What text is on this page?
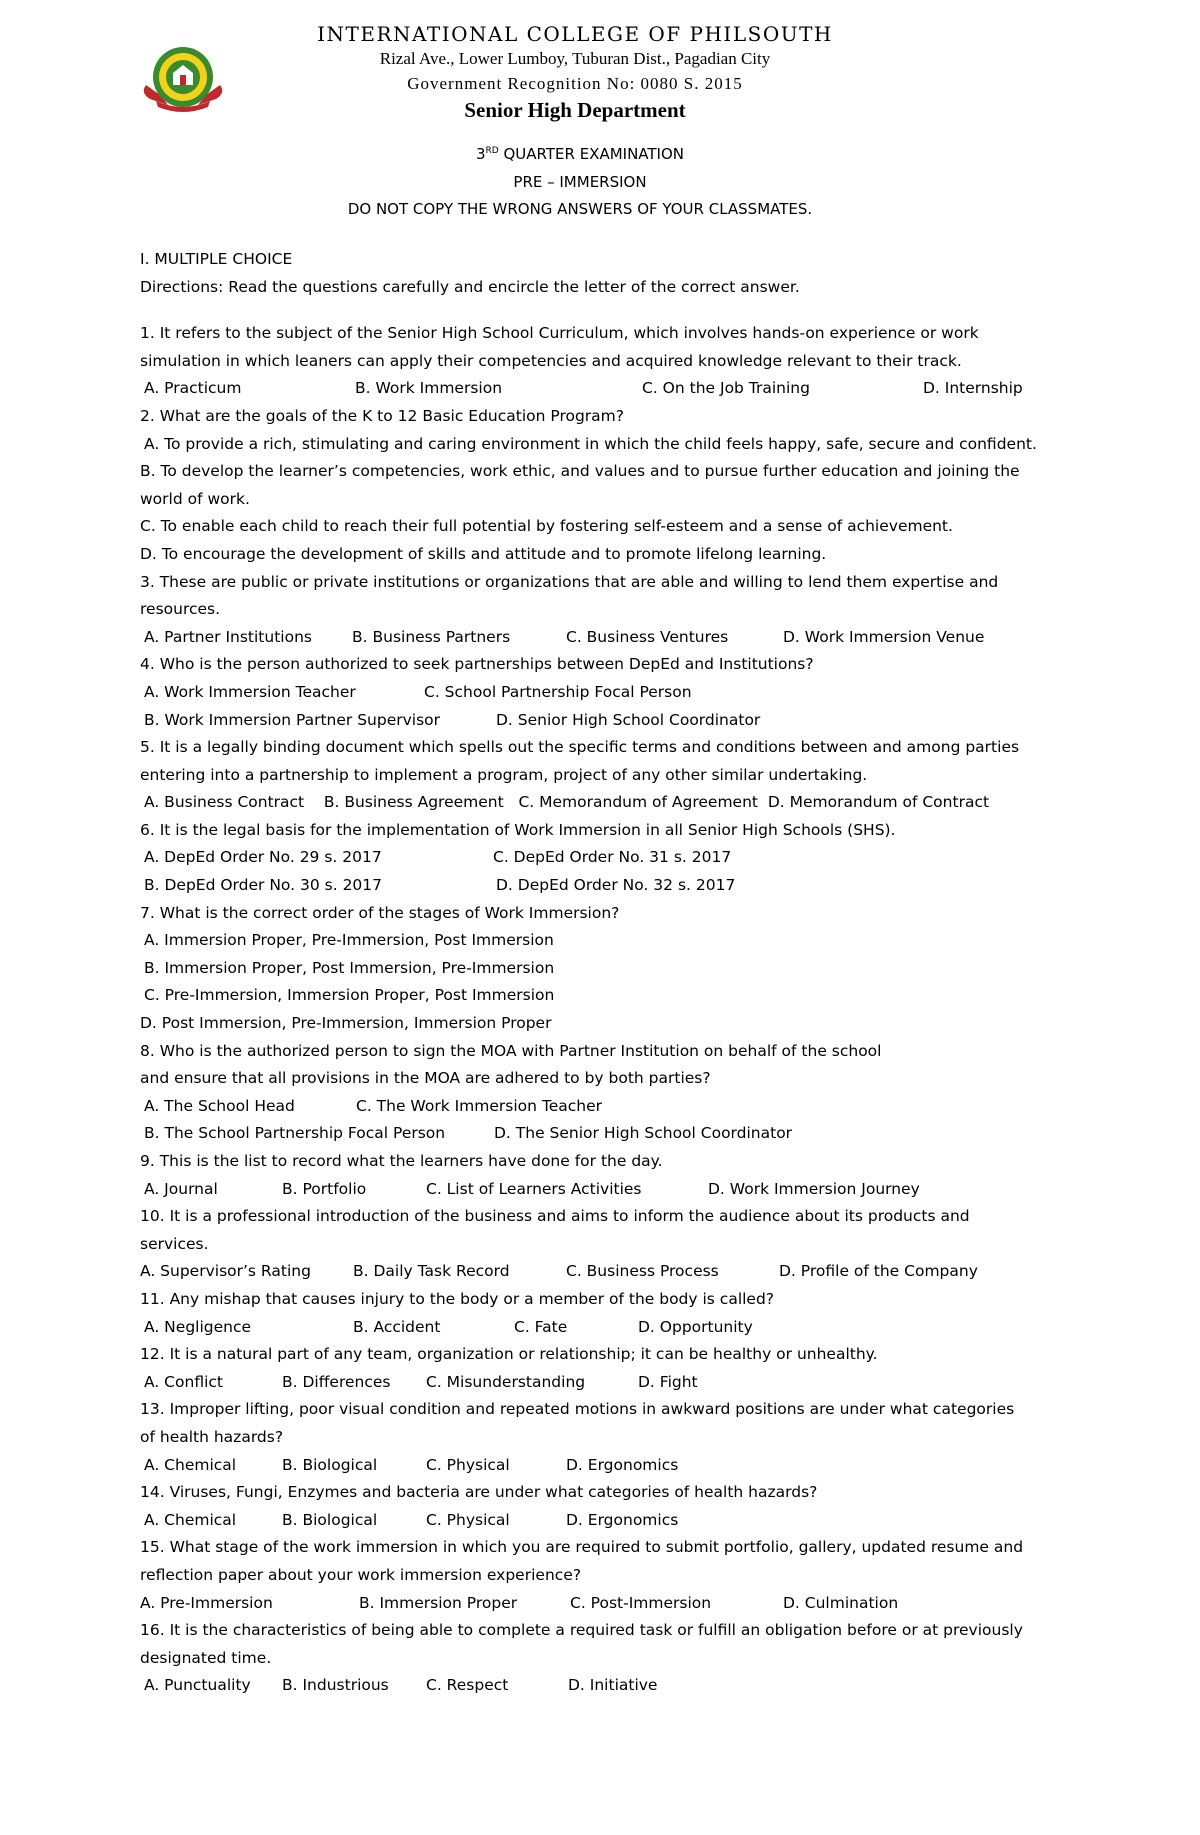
INTERNATIONAL COLLEGE OF PHILSOUTH
Rizal Ave., Lower Lumboy, Tuburan Dist., Pagadian City
Government Recognition No: 0080 S. 2015
Senior High Department
3RD QUARTER EXAMINATION
PRE – IMMERSION
DO NOT COPY THE WRONG ANSWERS OF YOUR CLASSMATES.
I. MULTIPLE CHOICE
Directions: Read the questions carefully and encircle the letter of the correct answer.
1. It refers to the subject of the Senior High School Curriculum, which involves hands-on experience or work
simulation in which leaners can apply their competencies and acquired knowledge relevant to their track.
A. Practicum	B. Work Immersion	C. On the Job Training	D. Internship
2. What are the goals of the K to 12 Basic Education Program?
A. To provide a rich, stimulating and caring environment in which the child feels happy, safe, secure and confident.
B. To develop the learner’s competencies, work ethic, and values and to pursue further education and joining the
world of work.
C. To enable each child to reach their full potential by fostering self-esteem and a sense of achievement.
D. To encourage the development of skills and attitude and to promote lifelong learning.
3. These are public or private institutions or organizations that are able and willing to lend them expertise and
resources.
A. Partner Institutions	B. Business Partners	C. Business Ventures	D. Work Immersion Venue
4. Who is the person authorized to seek partnerships between DepEd and Institutions?
A. Work Immersion Teacher	C. School Partnership Focal Person
B. Work Immersion Partner Supervisor	D. Senior High School Coordinator
5. It is a legally binding document which spells out the specific terms and conditions between and among parties
entering into a partnership to implement a program, project of any other similar undertaking.
A. Business Contract    B. Business Agreement   C. Memorandum of Agreement  D. Memorandum of Contract
6. It is the legal basis for the implementation of Work Immersion in all Senior High Schools (SHS).
A. DepEd Order No. 29 s. 2017	C. DepEd Order No. 31 s. 2017
B. DepEd Order No. 30 s. 2017	D. DepEd Order No. 32 s. 2017
7. What is the correct order of the stages of Work Immersion?
A. Immersion Proper, Pre-Immersion, Post Immersion
B. Immersion Proper, Post Immersion, Pre-Immersion
C. Pre-Immersion, Immersion Proper, Post Immersion
D. Post Immersion, Pre-Immersion, Immersion Proper
8. Who is the authorized person to sign the MOA with Partner Institution on behalf of the school
and ensure that all provisions in the MOA are adhered to by both parties?
A. The School Head	C. The Work Immersion Teacher
B. The School Partnership Focal Person	D. The Senior High School Coordinator
9. This is the list to record what the learners have done for the day.
A. Journal	B. Portfolio	C. List of Learners Activities	D. Work Immersion Journey
10. It is a professional introduction of the business and aims to inform the audience about its products and
services.
A. Supervisor’s Rating	B. Daily Task Record	C. Business Process	D. Profile of the Company
11. Any mishap that causes injury to the body or a member of the body is called?
A. Negligence	B. Accident	C. Fate	D. Opportunity
12. It is a natural part of any team, organization or relationship; it can be healthy or unhealthy.
A. Conflict	B. Differences C. Misunderstanding	D. Fight
13. Improper lifting, poor visual condition and repeated motions in awkward positions are under what categories
of health hazards?
A. Chemical	B. Biological	C. Physical	D. Ergonomics
14. Viruses, Fungi, Enzymes and bacteria are under what categories of health hazards?
A. Chemical	B. Biological	C. Physical	D. Ergonomics
15. What stage of the work immersion in which you are required to submit portfolio, gallery, updated resume and
reflection paper about your work immersion experience?
A. Pre-Immersion	B. Immersion Proper	C. Post-Immersion	D. Culmination
16. It is the characteristics of being able to complete a required task or fulfill an obligation before or at previously
designated time.
A. Punctuality B. Industrious C. Respect	D. Initiative
